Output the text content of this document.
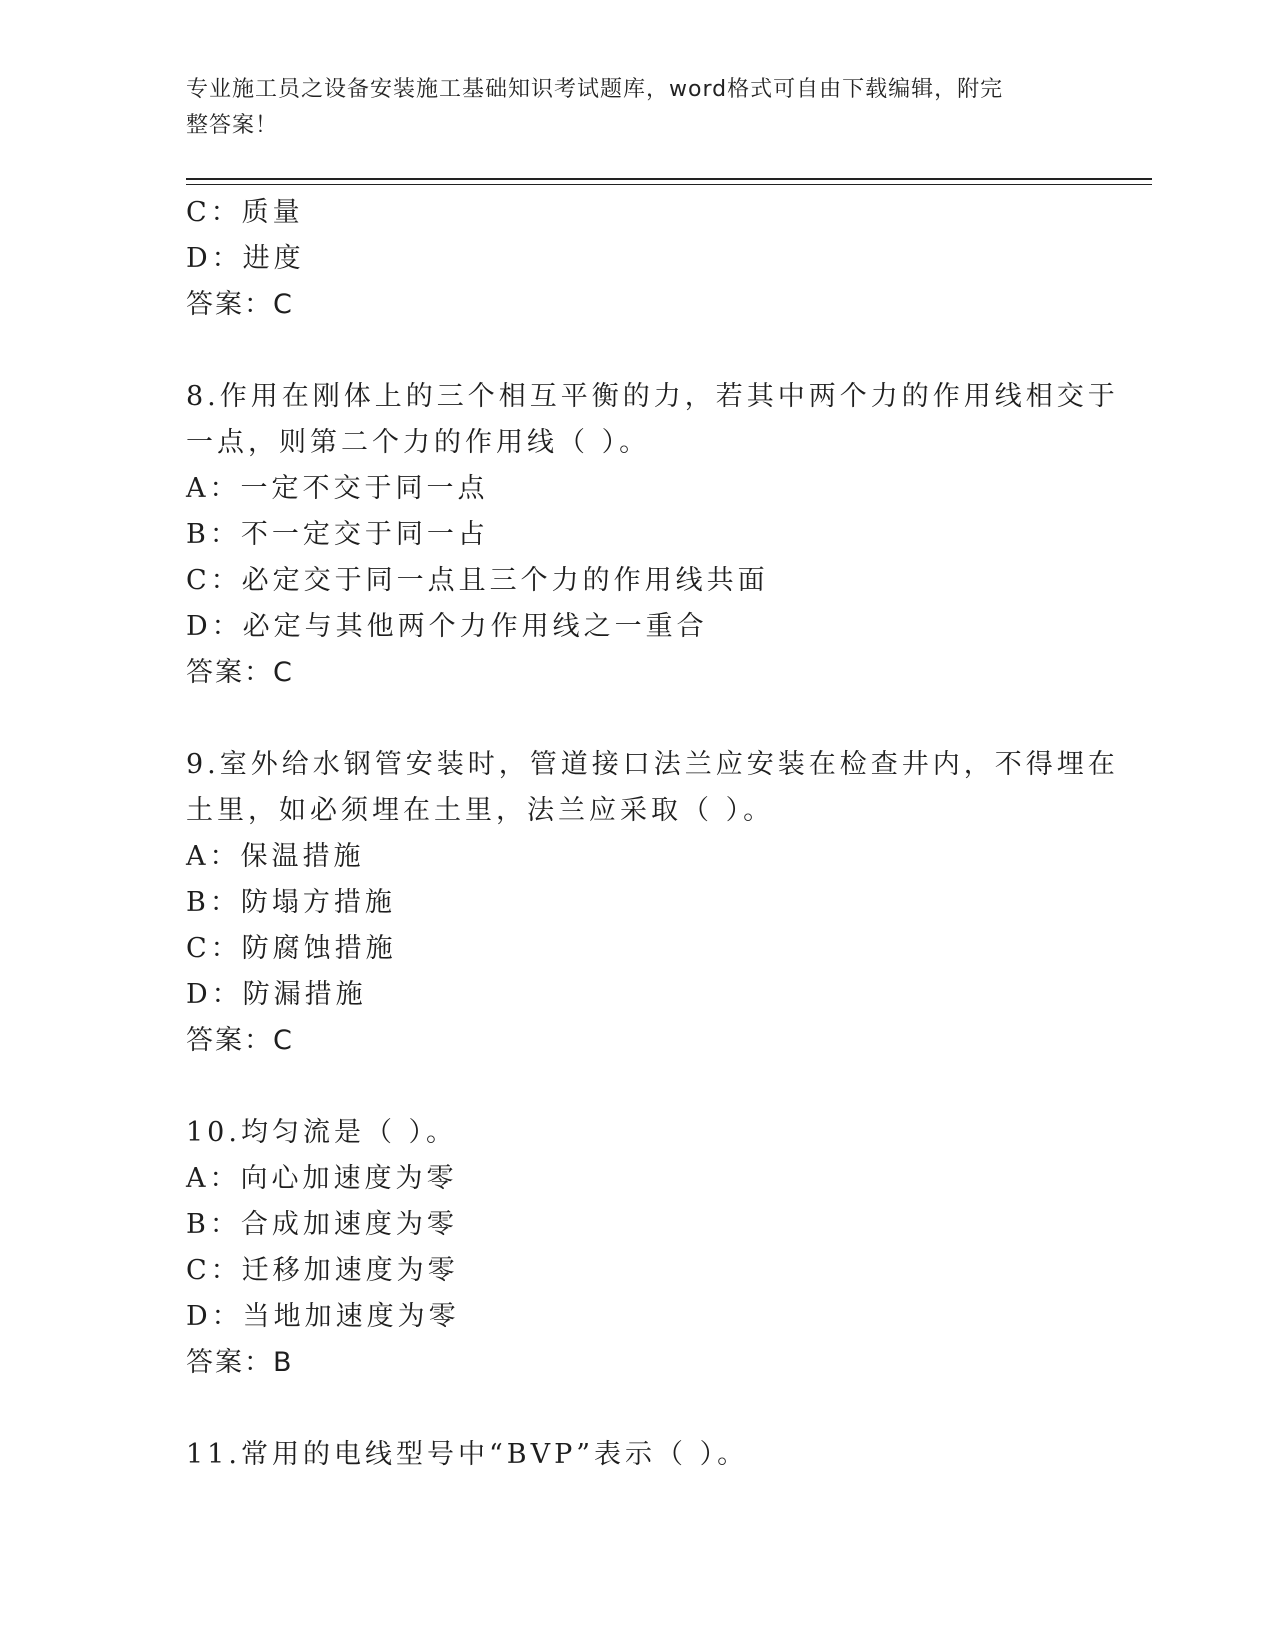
专业施工员之设备安装施工基础知识考试题库，word格式可自由下载编辑，附完
整答案！
C：质量
D：进度
答案：C
8.作用在刚体上的三个相互平衡的力，若其中两个力的作用线相交于
一点，则第二个力的作用线（ ）。
A：一定不交于同一点
B：不一定交于同一占
C：必定交于同一点且三个力的作用线共面
D：必定与其他两个力作用线之一重合
答案：C
9.室外给水钢管安装时，管道接口法兰应安装在检查井内，不得埋在
土里，如必须埋在土里，法兰应采取（ ）。
A：保温措施
B：防塌方措施
C：防腐蚀措施
D：防漏措施
答案：C
10.均匀流是（ ）。
A：向心加速度为零
B：合成加速度为零
C：迁移加速度为零
D：当地加速度为零
答案：B
11.常用的电线型号中“BVP”表示（ ）。
